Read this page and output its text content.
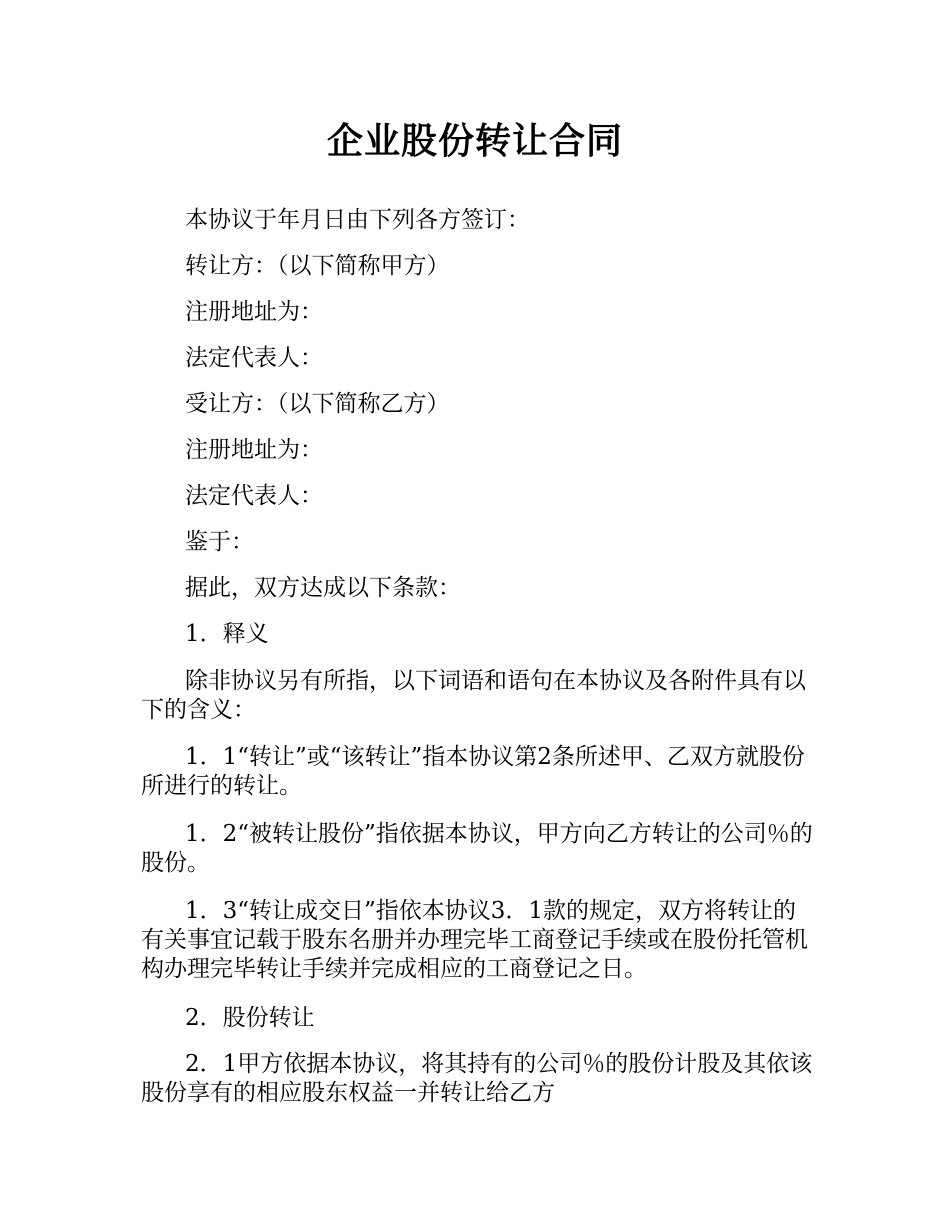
企业股份转让合同

本协议于年月日由下列各方签订：

转让方：（以下简称甲方）

注册地址为：

法定代表人：

受让方：（以下简称乙方）

注册地址为：

法定代表人：

鉴于：

据此，双方达成以下条款：

1．释义

除非协议另有所指，以下词语和语句在本协议及各附件具有以下的含义：

1．1“转让”或“该转让”指本协议第2条所述甲、乙双方就股份所进行的转让。

1．2“被转让股份”指依据本协议，甲方向乙方转让的公司％的股份。

1．3“转让成交日”指依本协议3．1款的规定，双方将转让的有关事宜记载于股东名册并办理完毕工商登记手续或在股份托管机构办理完毕转让手续并完成相应的工商登记之日。

2．股份转让

2．1甲方依据本协议，将其持有的公司％的股份计股及其依该股份享有的相应股东权益一并转让给乙方
